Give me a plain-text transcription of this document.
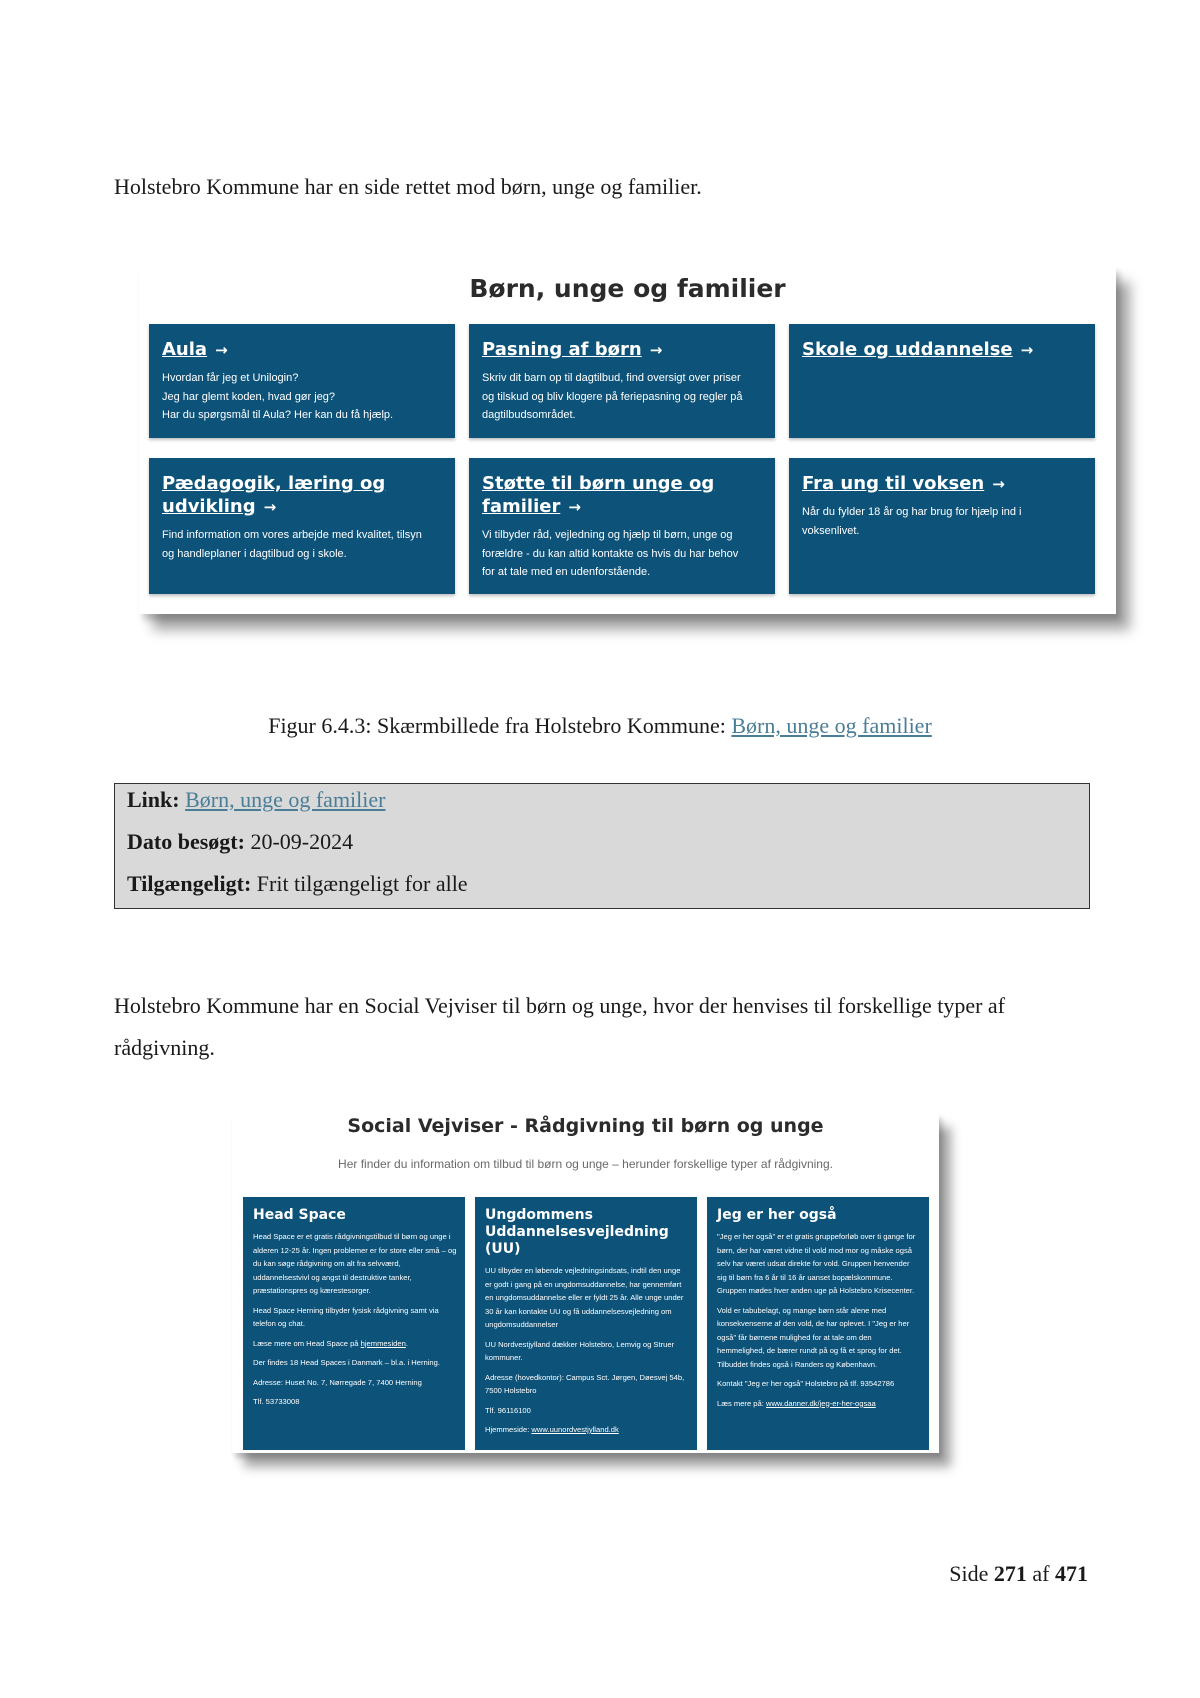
Holstebro Kommune har en side rettet mod børn, unge og familier.

Børn, unge og familier
Aula →
Hvordan får jeg et Unilogin?
Jeg har glemt koden, hvad gør jeg?
Har du spørgsmål til Aula? Her kan du få hjælp.
Pasning af børn →
Skriv dit barn op til dagtilbud, find oversigt over priser
og tilskud og bliv klogere på feriepasning og regler på
dagtilbudsområdet.
Skole og uddannelse →
Pædagogik, læring og udvikling →
Find information om vores arbejde med kvalitet, tilsyn
og handleplaner i dagtilbud og i skole.
Støtte til børn unge og familier →
Vi tilbyder råd, vejledning og hjælp til børn, unge og
forældre - du kan altid kontakte os hvis du har behov
for at tale med en udenforstående.
Fra ung til voksen →
Når du fylder 18 år og har brug for hjælp ind i
voksenlivet.
Figur 6.4.3: Skærmbillede fra Holstebro Kommune: Børn, unge og familier
Link: Børn, unge og familier
Dato besøgt: 20-09-2024
Tilgængeligt: Frit tilgængeligt for alle

Holstebro Kommune har en Social Vejviser til børn og unge, hvor der henvises til forskellige typer af rådgivning.

Social Vejviser - Rådgivning til børn og unge
Her finder du information om tilbud til børn og unge – herunder forskellige typer af rådgivning.
Head Space

Head Space er et gratis rådgivningstilbud til børn og unge i alderen 12-25 år. Ingen problemer er for store eller små – og du kan søge rådgivning om alt fra selvværd, uddannelsestvivl og angst til destruktive tanker, præstationspres og kærestesorger.

Head Space Herning tilbyder fysisk rådgivning samt via telefon og chat.

Læse mere om Head Space på hjemmesiden.

Der findes 18 Head Spaces i Danmark – bl.a. i Herning.

Adresse: Huset No. 7, Nørregade 7, 7400 Herning

Tlf. 53733008

Ungdommens Uddannelsesvejledning (UU)

UU tilbyder en løbende vejledningsindsats, indtil den unge er godt i gang på en ungdomsuddannelse, har gennemført en ungdomsuddannelse eller er fyldt 25 år. Alle unge under 30 år kan kontakte UU og få uddannelsesvejledning om ungdomsuddannelser

UU Nordvestjylland dækker Holstebro, Lemvig og Struer kommuner.

Adresse (hovedkontor): Campus Sct. Jørgen, Døesvej 54b, 7500 Holstebro

Tlf. 96116100

Hjemmeside: www.uunordvestjylland.dk

Jeg er her også

"Jeg er her også" er et gratis gruppeforløb over ti gange for børn, der har været vidne til vold mod mor og måske også selv har været udsat direkte for vold. Gruppen henvender sig til børn fra 6 år til 16 år uanset bopælskommune. Gruppen mødes hver anden uge på Holstebro Krisecenter.

Vold er tabubelagt, og mange børn står alene med konsekvenserne af den vold, de har oplevet. I "Jeg er her også" får børnene mulighed for at tale om den hemmelighed, de bærer rundt på og få et sprog for det. Tilbuddet findes også i Randers og København.

Kontakt "Jeg er her også" Holstebro på tlf. 93542786

Læs mere på: www.danner.dk/jeg-er-her-ogsaa

Side 271 af 471
